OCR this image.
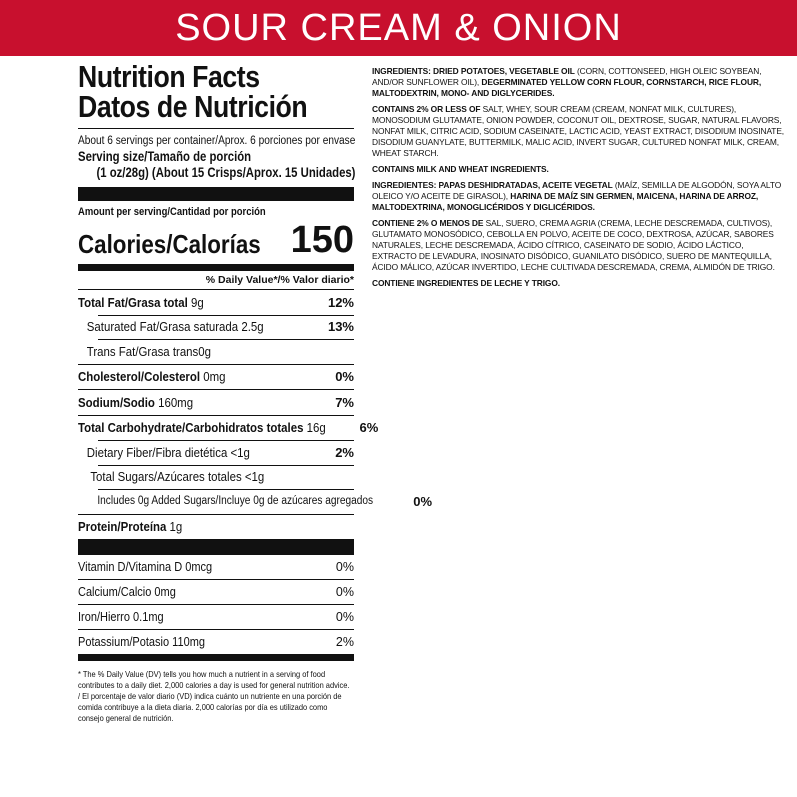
SOUR CREAM & ONION
Nutrition Facts
Datos de Nutrición
About 6 servings per container/Aprox. 6 porciones por envase
Serving size/Tamaño de porción
(1 oz/28g) (About 15 Crisps/Aprox. 15 Unidades)
Amount per serving/Cantidad por porción
Calories/Calorías 150
% Daily Value*/% Valor diario*
Total Fat/Grasa total 9g	12%
Saturated Fat/Grasa saturada 2.5g	13%
Trans Fat/Grasa trans0g
Cholesterol/Colesterol 0mg	0%
Sodium/Sodio 160mg	7%
Total Carbohydrate/Carbohidratos totales 16g	6%
Dietary Fiber/Fibra dietética <1g	2%
Total Sugars/Azúcares totales <1g
Includes 0g Added Sugars/Incluye 0g de azúcares agregados	0%
Protein/Proteína 1g
Vitamin D/Vitamina D 0mcg	0%
Calcium/Calcio 0mg	0%
Iron/Hierro 0.1mg	0%
Potassium/Potasio 110mg	2%
* The % Daily Value (DV) tells you how much a nutrient in a serving of food contributes to a daily diet. 2,000 calories a day is used for general nutrition advice. / El porcentaje de valor diario (VD) indica cuánto un nutriente en una porción de comida contribuye a la dieta diaria. 2,000 calorías por día es utilizado como consejo general de nutrición.

INGREDIENTS: DRIED POTATOES, VEGETABLE OIL (CORN, COTTONSEED, HIGH OLEIC SOYBEAN, AND/OR SUNFLOWER OIL), DEGERMINATED YELLOW CORN FLOUR, CORNSTARCH, RICE FLOUR, MALTODEXTRIN, MONO- AND DIGLYCERIDES.

CONTAINS 2% OR LESS OF SALT, WHEY, SOUR CREAM (CREAM, NONFAT MILK, CULTURES), MONOSODIUM GLUTAMATE, ONION POWDER, COCONUT OIL, DEXTROSE, SUGAR, NATURAL FLAVORS, NONFAT MILK, CITRIC ACID, SODIUM CASEINATE, LACTIC ACID, YEAST EXTRACT, DISODIUM INOSINATE, DISODIUM GUANYLATE, BUTTERMILK, MALIC ACID, INVERT SUGAR, CULTURED NONFAT MILK, CREAM, WHEAT STARCH.

CONTAINS MILK AND WHEAT INGREDIENTS.

INGREDIENTES: PAPAS DESHIDRATADAS, ACEITE VEGETAL (MAÍZ, SEMILLA DE ALGODÓN, SOYA ALTO OLEICO Y/O ACEITE DE GIRASOL), HARINA DE MAÍZ SIN GERMEN, MAICENA, HARINA DE ARROZ, MALTODEXTRINA, MONOGLICÉRIDOS Y DIGLICÉRIDOS.

CONTIENE 2% O MENOS DE SAL, SUERO, CREMA AGRIA (CREMA, LECHE DESCREMADA, CULTIVOS), GLUTAMATO MONOSÓDICO, CEBOLLA EN POLVO, ACEITE DE COCO, DEXTROSA, AZÚCAR, SABORES NATURALES, LECHE DESCREMADA, ÁCIDO CÍTRICO, CASEINATO DE SODIO, ÁCIDO LÁCTICO, EXTRACTO DE LEVADURA, INOSINATO DISÓDICO, GUANILATO DISÓDICO, SUERO DE MANTEQUILLA, ÁCIDO MÁLICO, AZÚCAR INVERTIDO, LECHE CULTIVADA DESCREMADA, CREMA, ALMIDÓN DE TRIGO.

CONTIENE INGREDIENTES DE LECHE Y TRIGO.
